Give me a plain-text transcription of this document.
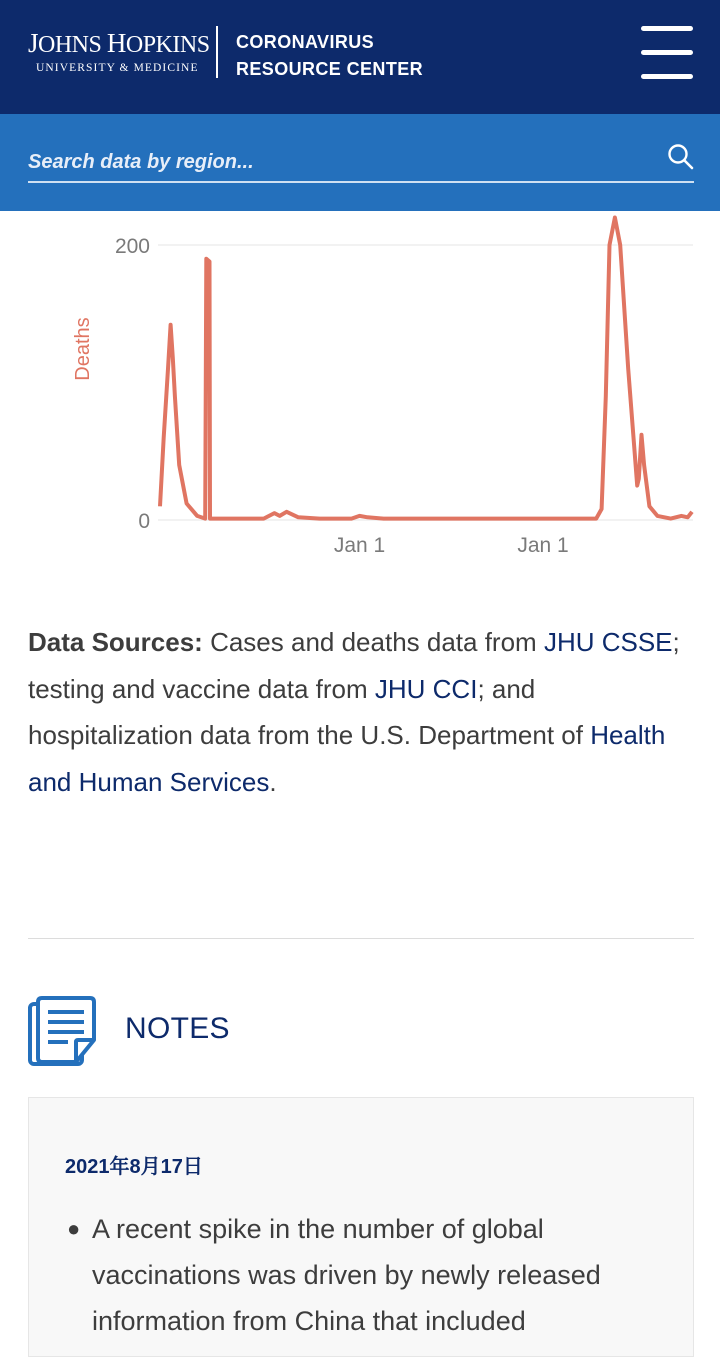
JOHNS HOPKINS
UNIVERSITY & MEDICINE
CORONAVIRUS
RESOURCE CENTER
Search data by region...
200
0
Deaths
Jan 1	Jan 1
Data Sources: Cases and deaths data from JHU CSSE; testing and vaccine data from JHU CCI; and hospitalization data from the U.S. Department of Health and Human Services.
NOTES
2021年8月17日
● A recent spike in the number of global vaccinations was driven by newly released information from China that included
